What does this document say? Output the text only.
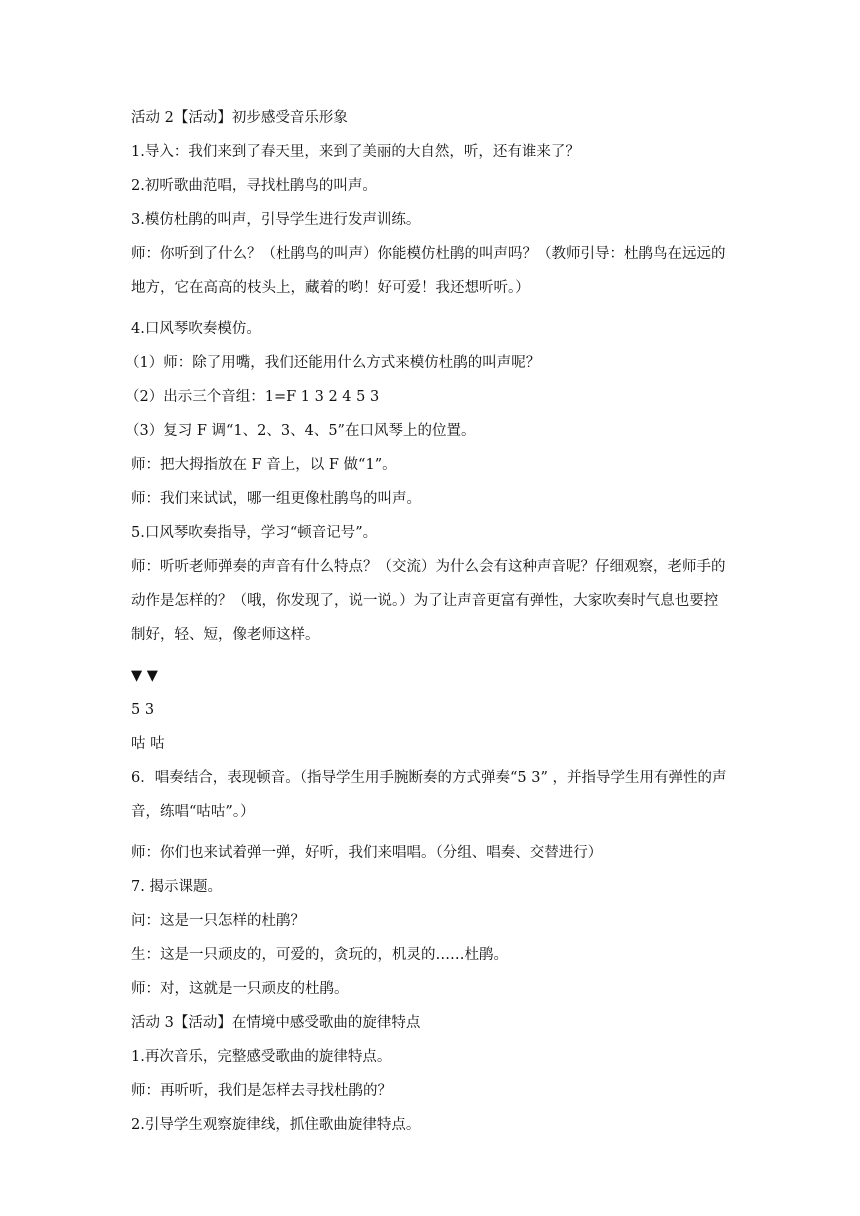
活动 2【活动】初步感受音乐形象

1.导入：我们来到了春天里，来到了美丽的大自然，听，还有谁来了？

2.初听歌曲范唱，寻找杜鹃鸟的叫声。

3.模仿杜鹃的叫声，引导学生进行发声训练。

师：你听到了什么？（杜鹃鸟的叫声）你能模仿杜鹃的叫声吗？（教师引导：杜鹃鸟在远远的地方，它在高高的枝头上，藏着的哟！好可爱！我还想听听。）

4.口风琴吹奏模仿。

（1）师：除了用嘴，我们还能用什么方式来模仿杜鹃的叫声呢？

（2）出示三个音组：1=F 1 3 2 4 5 3

（3）复习 F 调“1、2、3、4、5”在口风琴上的位置。

师：把大拇指放在 F 音上，以 F 做“1”。

师：我们来试试，哪一组更像杜鹃鸟的叫声。

5.口风琴吹奏指导，学习“顿音记号”。

师：听听老师弹奏的声音有什么特点？（交流）为什么会有这种声音呢？仔细观察，老师手的动作是怎样的？（哦，你发现了，说一说。）为了让声音更富有弹性，大家吹奏时气息也要控制好，轻、短，像老师这样。

▼ ▼

5 3

咕 咕

6．唱奏结合，表现顿音。（指导学生用手腕断奏的方式弹奏“5 3” ，并指导学生用有弹性的声音，练唱“咕咕”。）

师：你们也来试着弹一弹，好听，我们来唱唱。（分组、唱奏、交替进行）

7. 揭示课题。

问：这是一只怎样的杜鹃？

生：这是一只顽皮的，可爱的，贪玩的，机灵的……杜鹃。

师：对，这就是一只顽皮的杜鹃。

活动 3【活动】在情境中感受歌曲的旋律特点

1.再次音乐，完整感受歌曲的旋律特点。

师：再听听，我们是怎样去寻找杜鹃的？

2.引导学生观察旋律线，抓住歌曲旋律特点。
